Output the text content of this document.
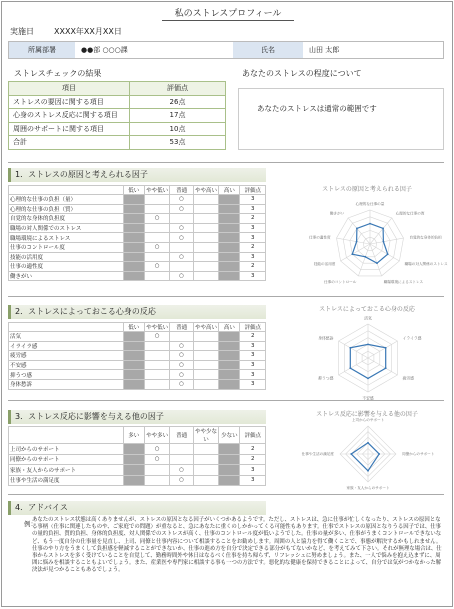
私のストレスプロフィール
実施日	XXXX年XX月XX日
所属部署	●●部 ○○○課	氏名	山田 太郎
ストレスチェックの結果
項目	評価点
ストレスの要因に関する項目	26点
心身のストレス反応に関する項目	17点
周囲のサポートに関する項目	10点
合計	53点
あなたのストレスの程度について
あなたのストレスは通常の範囲です
1．ストレスの原因と考えられる因子
	低い	やや低い	普通	やや高い	高い	評価点
心理的な仕事の負担（量）			○			3
心理的な仕事の負担（質）			○			3
自覚的な身体的負担度		○				2
職場の対人関係でのストレス			○			3
職場環境によるストレス			○			3
仕事のコントロール度		○				2
技能の活用度			○			3
仕事の適性度		○				2
働きがい			○			3
ストレスの原因と考えられる因子
心理的な仕事の量
心理的な仕事の質
自覚的な身体的負担
職場の対人関係のストレス
職場環境によるストレス
仕事のコントロール
技能の活用度
仕事の適性度
働きがい
2．ストレスによっておこる心身の反応
	低い	やや低い	普通	やや高い	高い	評価点
活気		○				2
イライラ感			○			3
疲労感			○			3
不安感			○			3
抑うつ感			○			3
身体愁訴			○			3
ストレスによっておこる心身の反応
活気
イライラ感
疲労感
不安感
抑うつ感
身体愁訴
3．ストレス反応に影響を与える他の因子
	多い	やや多い	普通	やや少ない	少ない	評価点
上司からのサポート		○				2
同僚からのサポート		○				2
家族・友人からのサポート			○			3
仕事や生活の満足度			○			3
ストレス反応に影響を与える他の因子
上司からのサポート
同僚からのサポート
家族・友人からのサポート
仕事や生活の満足度
4．アドバイス
例：
あなたのストレス状態は高くありませんが、ストレスの原因となる因子がいくつかあるようです。ただし、ストレスは、急に仕事が忙しくなったり、ストレスの原因となる事柄（仕事に関連したものや、ご家庭での問題）が重なると、急にあなたに重くのしかかってくる可能性もあります。仕事でストレスの原因となりうる因子では、仕事の量的負担、質的負担、身体的負担度、対人関係でのストレスが高く、仕事のコントロール度が低いようでした。仕事の量が多い、仕事がうまくコントロールできないなど、もう一度自分の仕事量を見直し、上司、同僚と仕事内容について相談することをお勧めします。周囲の人と協力を得て働くことで、事態が解決するかもしれません。仕事のやり方をうまくして負担感を軽減することができないか、仕事の進め方を自分で決定できる部分がもてないかなど、を考えてみて下さい。それが無理な場合は、仕事からストレスを多く受けていることを自覚して、勤務時間外や休日はなるべく仕事を持ち帰らず、リフレッシュに努めましょう。また、一人で悩みを抱え込まずに、周囲に悩みを相談することもよいでしょう。また、産業医や専門家に相談する事も一つの方法です。悪化的な健康を保持できることによって、自分では気がつかなかった解決法が見つかることもあるでしょう。
